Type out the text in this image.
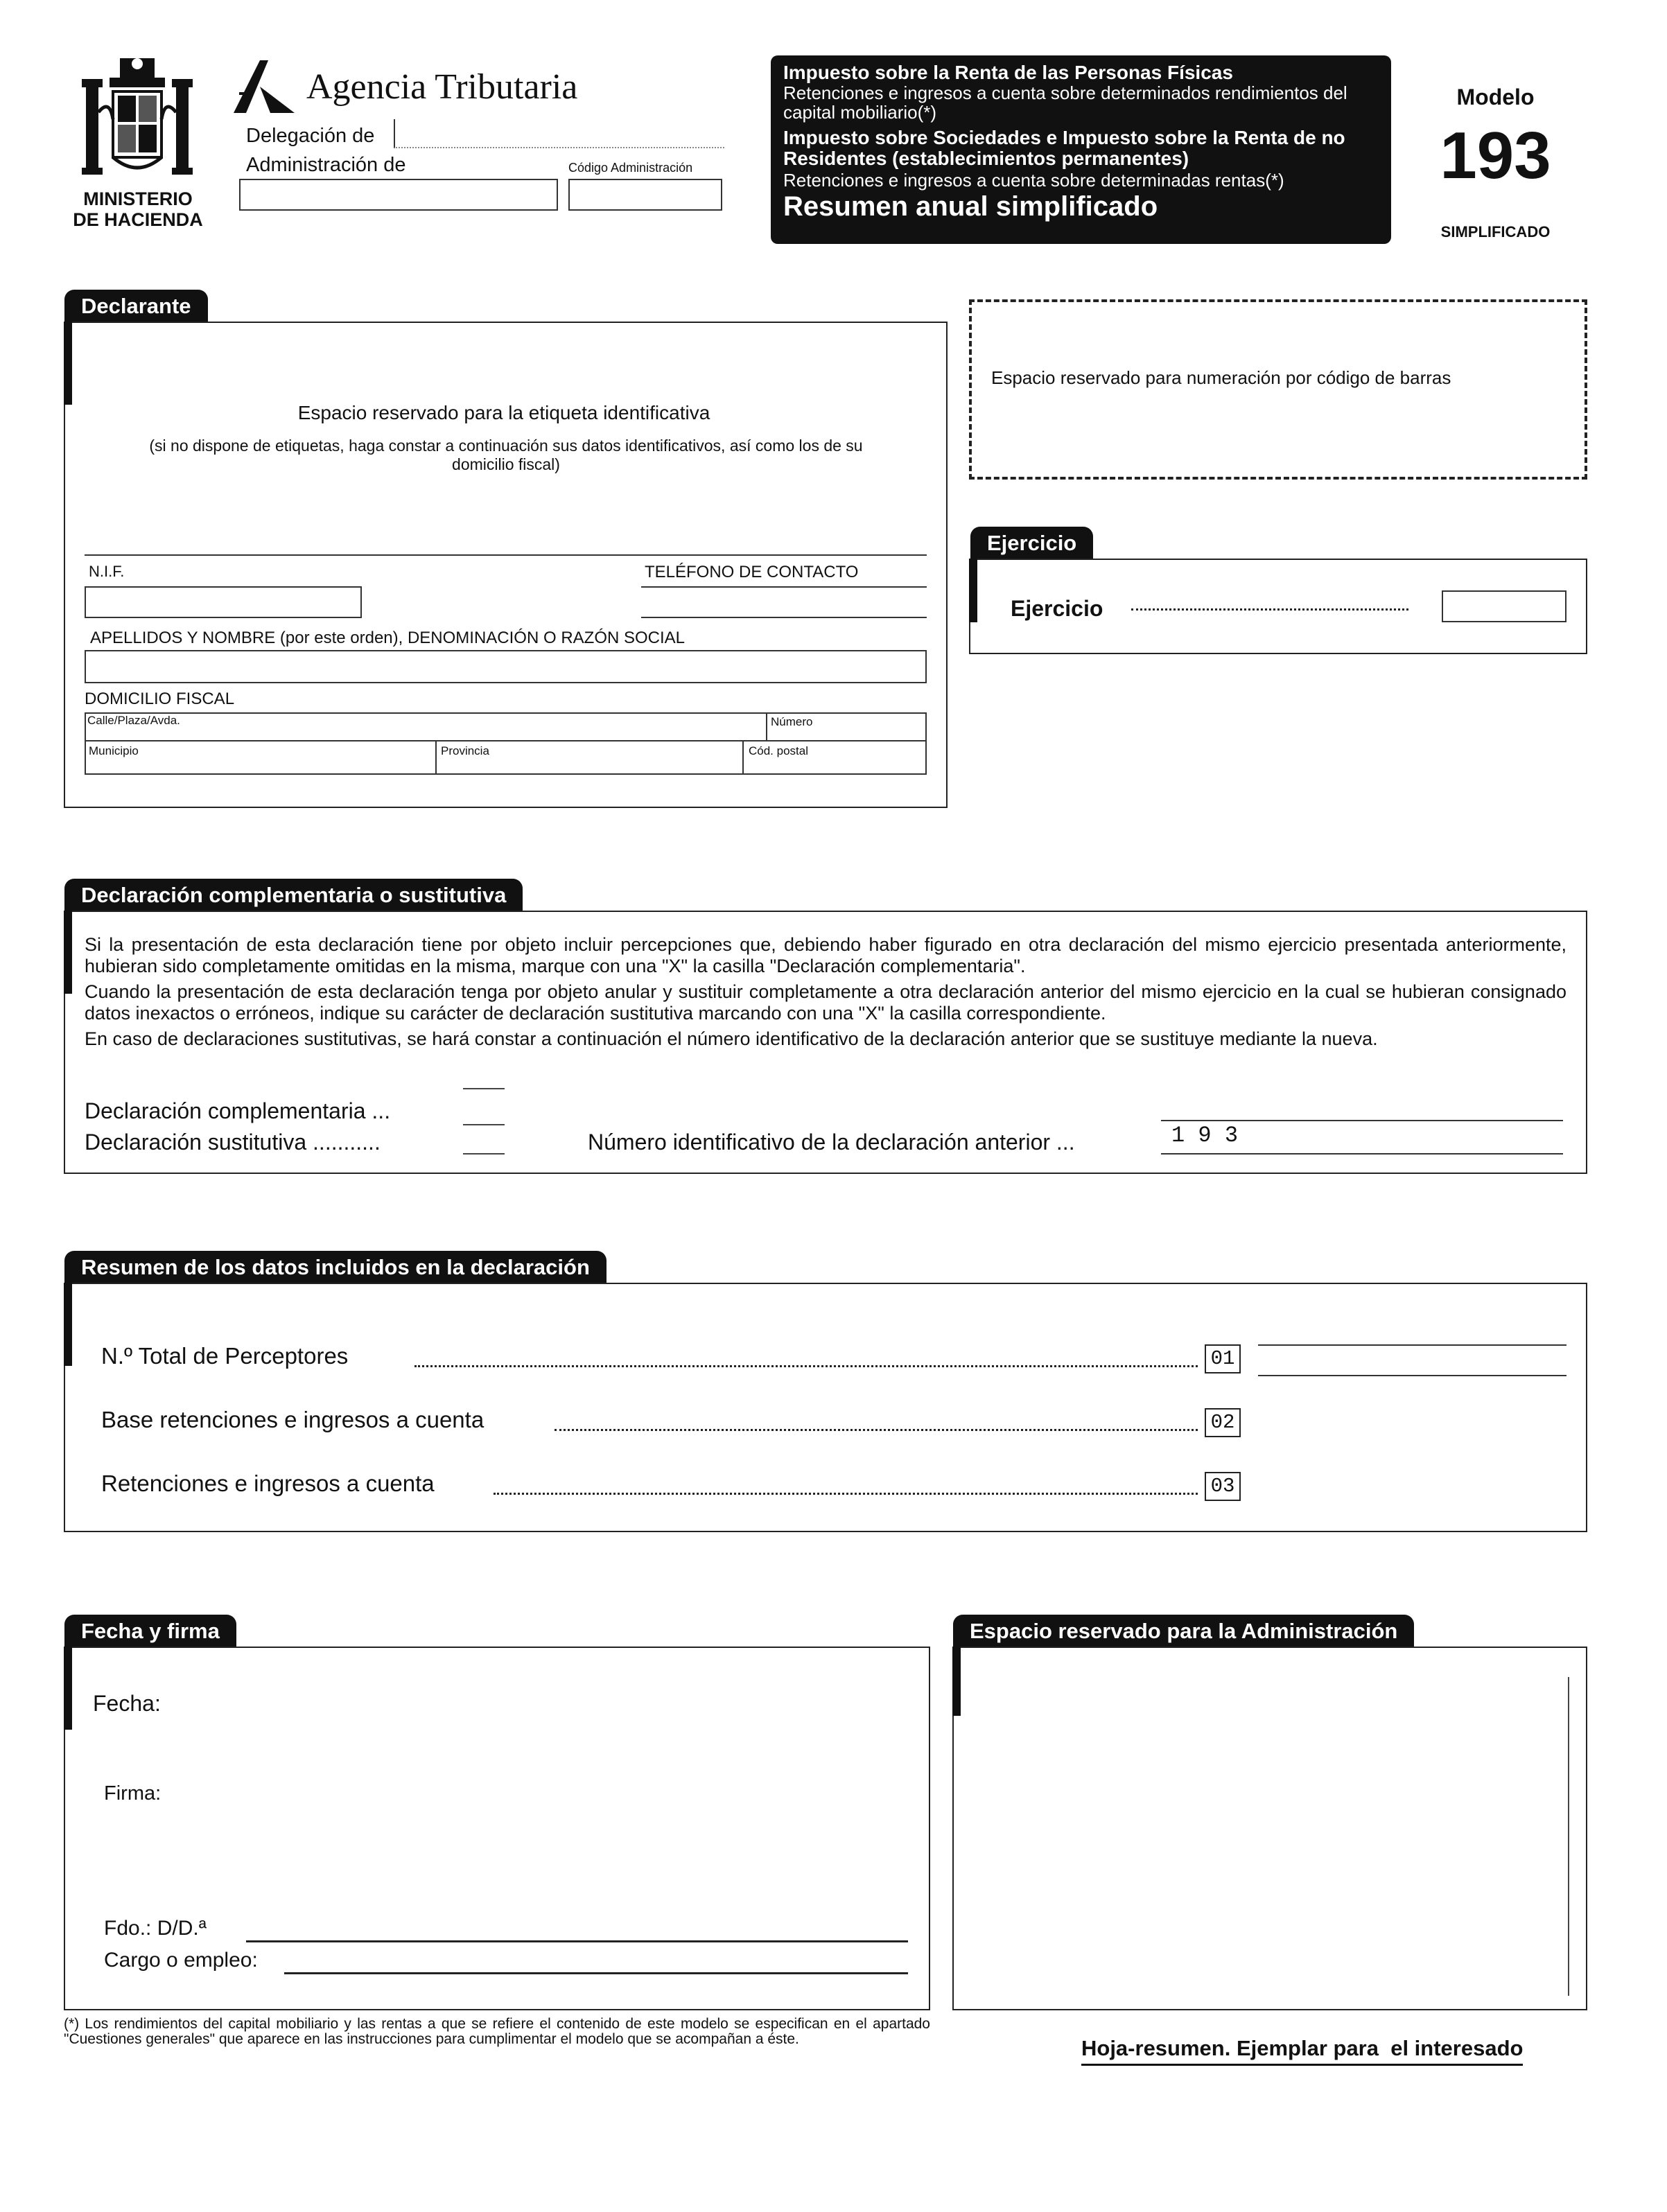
MINISTERIO
DE HACIENDA
Agencia Tributaria
Delegación de
Administración de	Código Administración
Impuesto sobre la Renta de las Personas Físicas
Retenciones e ingresos a cuenta sobre determinados rendimientos del capital mobiliario(*)
Impuesto sobre Sociedades e Impuesto sobre la Renta de no Residentes (establecimientos permanentes)
Retenciones e ingresos a cuenta sobre determinadas rentas(*)
Resumen anual simplificado
Modelo
193
SIMPLIFICADO
Declarante
Espacio reservado para la etiqueta identificativa
(si no dispone de etiquetas, haga constar a continuación sus datos identificativos, así como los de su domicilio fiscal)
N.I.F.	TELÉFONO DE CONTACTO
APELLIDOS Y NOMBRE (por este orden), DENOMINACIÓN O RAZÓN SOCIAL
DOMICILIO FISCAL
Calle/Plaza/Avda.	Número
Municipio	Provincia	Cód. postal
Espacio reservado para numeración por código de barras
Ejercicio
Ejercicio
Declaración complementaria o sustitutiva

Si la presentación de esta declaración tiene por objeto incluir percepciones que, debiendo haber figurado en otra declaración del mismo ejercicio presentada anteriormente, hubieran sido completamente omitidas en la misma, marque con una "X" la casilla "Declaración complementaria".

Cuando la presentación de esta declaración tenga por objeto anular y sustituir completamente a otra declaración anterior del mismo ejercicio en la cual se hubieran consignado datos inexactos o erróneos, indique su carácter de declaración sustitutiva marcando con una "X" la casilla correspondiente.

En caso de declaraciones sustitutivas, se hará constar a continuación el número identificativo de la declaración anterior que se sustituye mediante la nueva.

Declaración complementaria ...
Declaración sustitutiva ...........	Número identificativo de la declaración anterior ...	1 9 3
Resumen de los datos incluidos en la declaración
N.º Total de Perceptores	01
Base retenciones e ingresos a cuenta	02
Retenciones e ingresos a cuenta	03
Fecha y firma
Fecha:
Firma:
Fdo.: D/D.ª
Cargo o empleo:
Espacio reservado para la Administración
(*) Los rendimientos del capital mobiliario y las rentas a que se refiere el contenido de este modelo se especifican en el apartado "Cuestiones generales" que aparece en las instrucciones para cumplimentar el modelo que se acompañan a éste.	Hoja-resumen. Ejemplar para  el interesado
